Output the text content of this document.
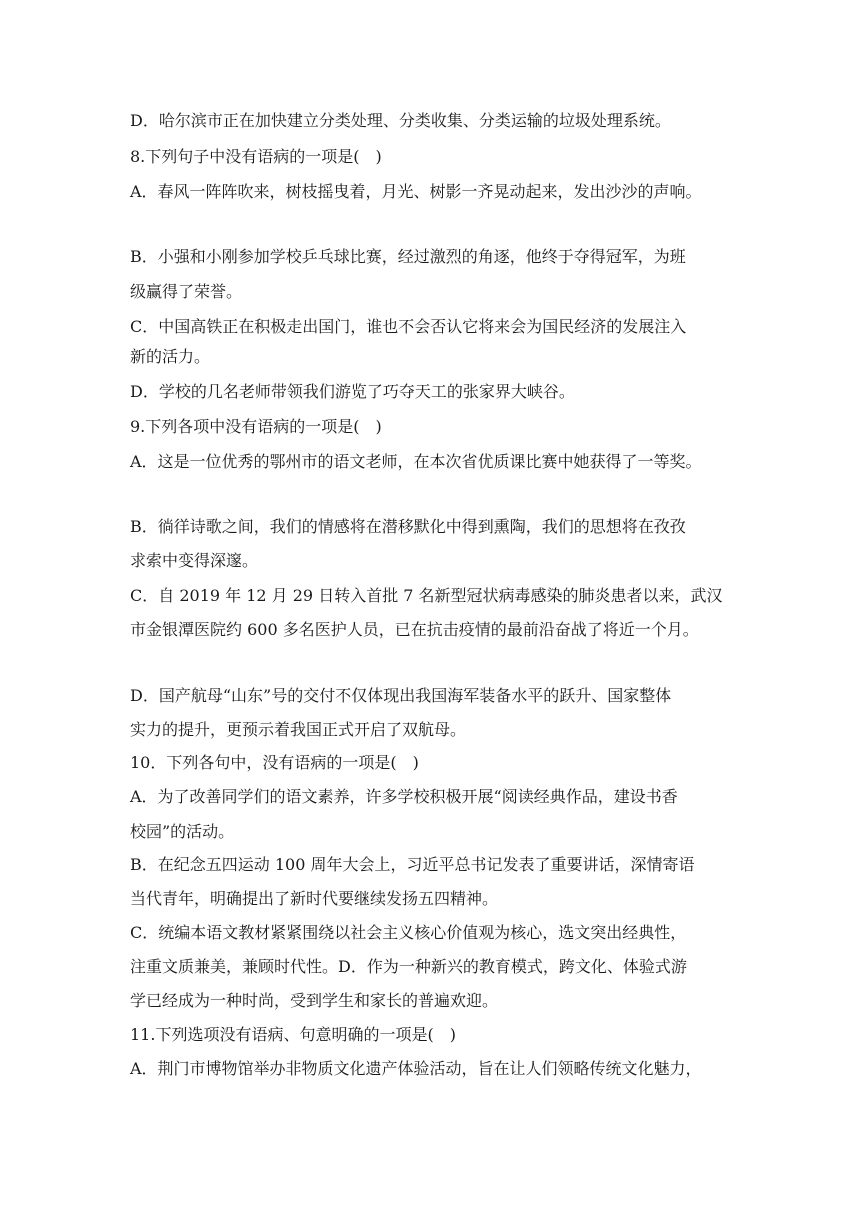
D．哈尔滨市正在加快建立分类处理、分类收集、分类运输的垃圾处理系统。
8.下列句子中没有语病的一项是(　)
A．春风一阵阵吹来，树枝摇曳着，月光、树影一齐晃动起来，发出沙沙的声响。
B．小强和小刚参加学校乒乓球比赛，经过激烈的角逐，他终于夺得冠军，为班
级赢得了荣誉。
C．中国高铁正在积极走出国门，谁也不会否认它将来会为国民经济的发展注入
新的活力。
D．学校的几名老师带领我们游览了巧夺天工的张家界大峡谷。
9.下列各项中没有语病的一项是(　)
A．这是一位优秀的鄂州市的语文老师，在本次省优质课比赛中她获得了一等奖。
B．徜徉诗歌之间，我们的情感将在潜移默化中得到熏陶，我们的思想将在孜孜
求索中变得深邃。
C．自 2019 年 12 月 29 日转入首批 7 名新型冠状病毒感染的肺炎患者以来，武汉
市金银潭医院约 600 多名医护人员，已在抗击疫情的最前沿奋战了将近一个月。
D．国产航母“山东”号的交付不仅体现出我国海军装备水平的跃升、国家整体
实力的提升，更预示着我国正式开启了双航母。
10．下列各句中，没有语病的一项是(　)
A．为了改善同学们的语文素养，许多学校积极开展“阅读经典作品，建设书香
校园”的活动。
B．在纪念五四运动 100 周年大会上，习近平总书记发表了重要讲话，深情寄语
当代青年，明确提出了新时代要继续发扬五四精神。
C．统编本语文教材紧紧围绕以社会主义核心价值观为核心，选文突出经典性，
注重文质兼美，兼顾时代性。D．作为一种新兴的教育模式，跨文化、体验式游
学已经成为一种时尚，受到学生和家长的普遍欢迎。
11.下列选项没有语病、句意明确的一项是(　)
A．荆门市博物馆举办非物质文化遗产体验活动，旨在让人们领略传统文化魅力，
